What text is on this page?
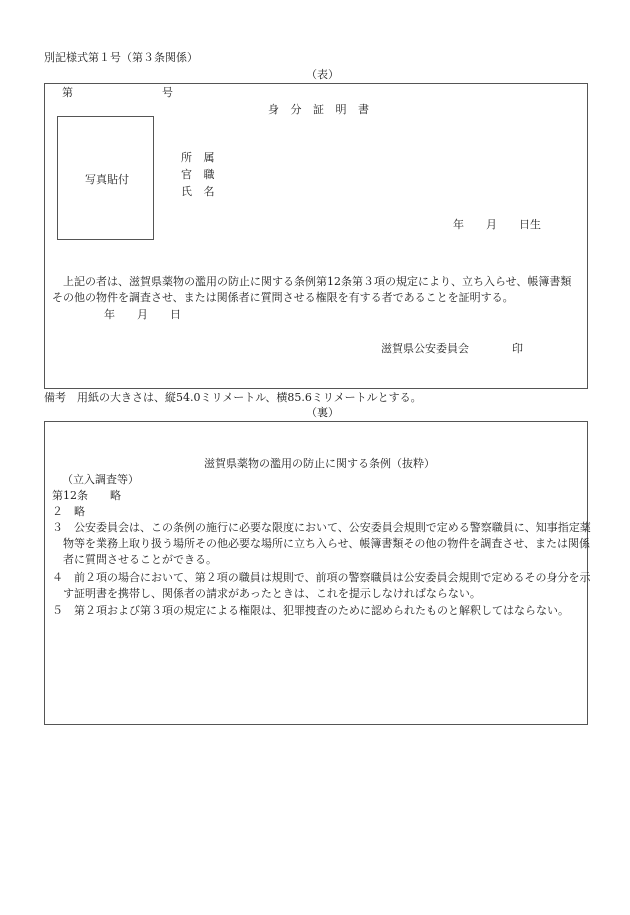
別記様式第１号（第３条関係）
（表）
第	号
身 分 証 明 書
写真貼付
所 属
官 職
氏 名
年　　月　　日生
上記の者は、滋賀県薬物の濫用の防止に関する条例第12条第３項の規定により、立ち入らせ、帳簿書類その他の物件を調査させ、または関係者に質問させる権限を有する者であることを証明する。
年　　月　　日
滋賀県公安委員会	印
備考　用紙の大きさは、縦54.0ミリメートル、横85.6ミリメートルとする。
（裏）
滋賀県薬物の濫用の防止に関する条例（抜粋）
（立入調査等）
第12条　　略
２　略
３　公安委員会は、この条例の施行に必要な限度において、公安委員会規則で定める警察職員に、知事指定薬物等を業務上取り扱う場所その他必要な場所に立ち入らせ、帳簿書類その他の物件を調査させ、または関係者に質問させることができる。
４　前２項の場合において、第２項の職員は規則で、前項の警察職員は公安委員会規則で定めるその身分を示す証明書を携帯し、関係者の請求があったときは、これを提示しなければならない。
５　第２項および第３項の規定による権限は、犯罪捜査のために認められたものと解釈してはならない。
